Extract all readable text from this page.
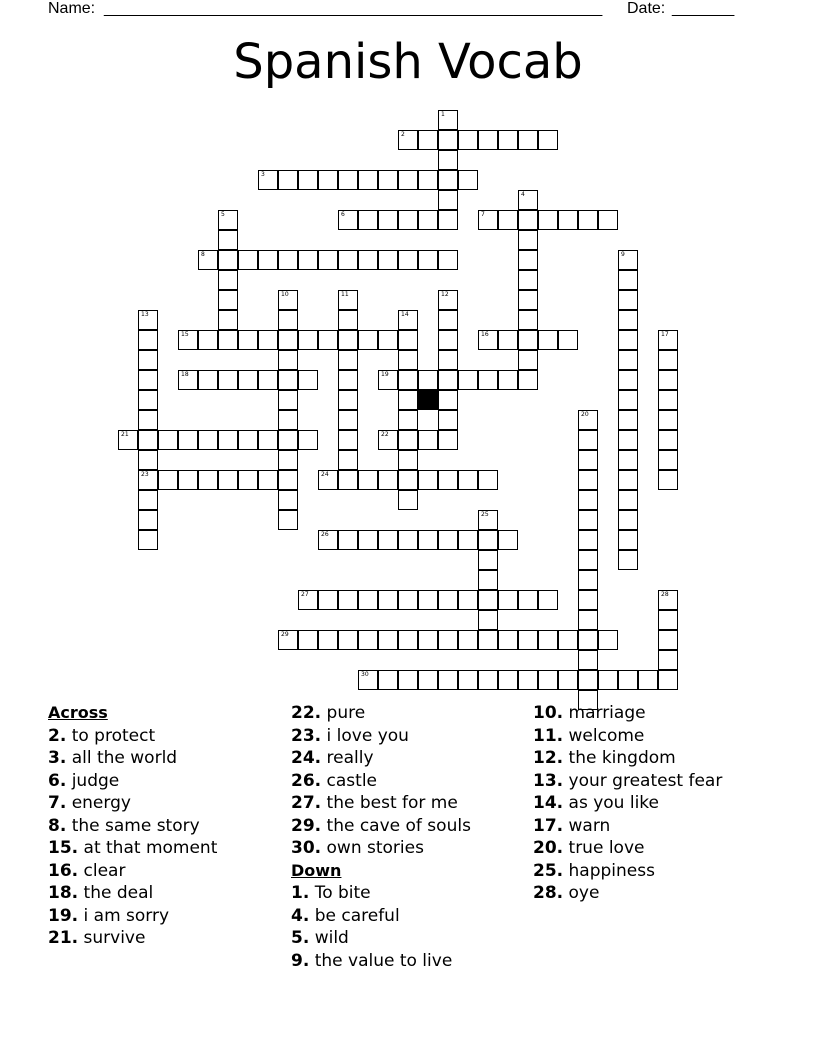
Name: ________________________________________________________ Date: _______
Spanish Vocab
1
2
3
4
5	6	7
8	9
10	11	12
13
23
14
15	16	17
18	19
20
21	22
24
25
26
27	28
29
30
Across
2. to protect
3. all the world
6. judge
7. energy
8. the same story
15. at that moment
16. clear
18. the deal
19. i am sorry
21. survive
22. pure
23. i love you
24. really
26. castle
27. the best for me
29. the cave of souls
30. own stories
Down
1. To bite
4. be careful
5. wild
9. the value to live
10. marriage
11. welcome
12. the kingdom
13. your greatest fear
14. as you like
17. warn
20. true love
25. happiness
28. oye
